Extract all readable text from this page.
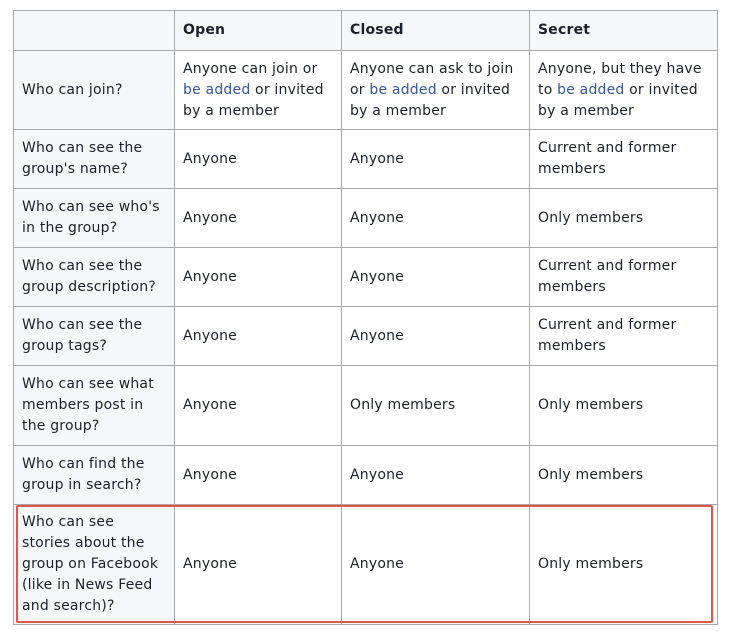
	Open	Closed	Secret
Who can join?	Anyone can join or be added or invited by a member	Anyone can ask to join or be added or invited by a member	Anyone, but they have to be added or invited by a member
Who can see the group's name?	Anyone	Anyone	Current and former members
Who can see who's in the group?	Anyone	Anyone	Only members
Who can see the group description?	Anyone	Anyone	Current and former members
Who can see the group tags?	Anyone	Anyone	Current and former members
Who can see what members post in the group?	Anyone	Only members	Only members
Who can find the group in search?	Anyone	Anyone	Only members
Who can see stories about the group on Facebook (like in News Feed and search)?	Anyone	Anyone	Only members
